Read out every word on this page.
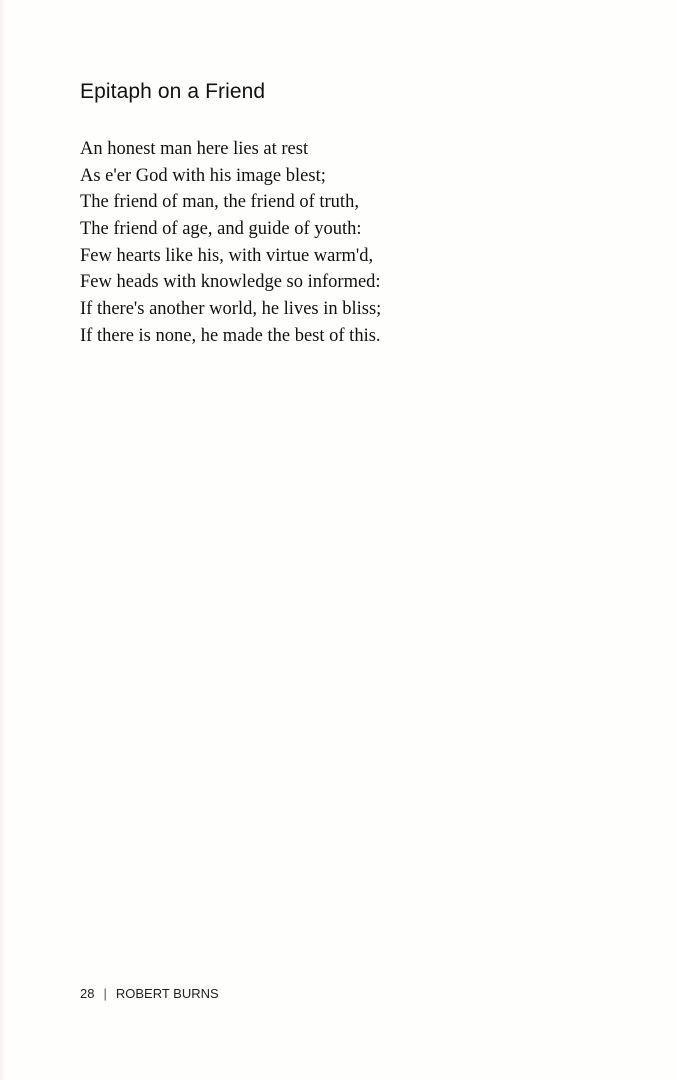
Epitaph on a Friend
An honest man here lies at rest
As e'er God with his image blest;
The friend of man, the friend of truth,
The friend of age, and guide of youth:
Few hearts like his, with virtue warm'd,
Few heads with knowledge so informed:
If there's another world, he lives in bliss;
If there is none, he made the best of this.
28 | ROBERT BURNS
